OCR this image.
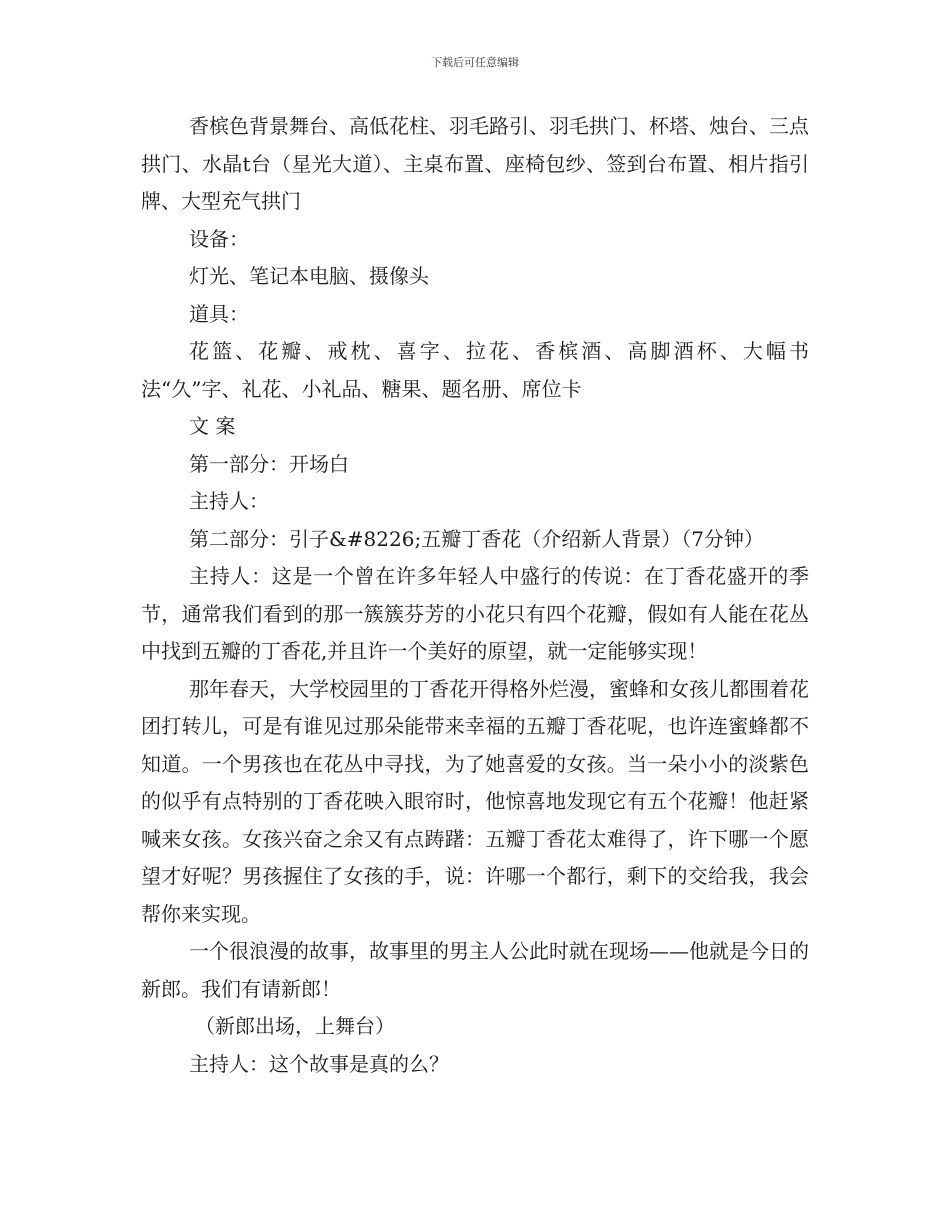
下载后可任意编辑

香槟色背景舞台、高低花柱、羽毛路引、羽毛拱门、杯塔、烛台、三点拱门、水晶t台（星光大道）、主桌布置、座椅包纱、签到台布置、相片指引牌、大型充气拱门

设备：

灯光、笔记本电脑、摄像头

道具：

花篮、花瓣、戒枕、喜字、拉花、香槟酒、高脚酒杯、大幅书法“久”字、礼花、小礼品、糖果、题名册、席位卡

文 案

第一部分：开场白

主持人：

第二部分：引子&#8226;五瓣丁香花（介绍新人背景）（7分钟）

主持人：这是一个曾在许多年轻人中盛行的传说：在丁香花盛开的季节，通常我们看到的那一簇簇芬芳的小花只有四个花瓣，假如有人能在花丛中找到五瓣的丁香花,并且许一个美好的原望，就一定能够实现！

那年春天，大学校园里的丁香花开得格外烂漫，蜜蜂和女孩儿都围着花团打转儿，可是有谁见过那朵能带来幸福的五瓣丁香花呢，也许连蜜蜂都不知道。一个男孩也在花丛中寻找，为了她喜爱的女孩。当一朵小小的淡紫色的似乎有点特别的丁香花映入眼帘时，他惊喜地发现它有五个花瓣！他赶紧喊来女孩。女孩兴奋之余又有点踌躇：五瓣丁香花太难得了，许下哪一个愿望才好呢？男孩握住了女孩的手，说：许哪一个都行，剩下的交给我，我会帮你来实现。

一个很浪漫的故事，故事里的男主人公此时就在现场——他就是今日的新郎。我们有请新郎！

（新郎出场，上舞台）

主持人：这个故事是真的么？
